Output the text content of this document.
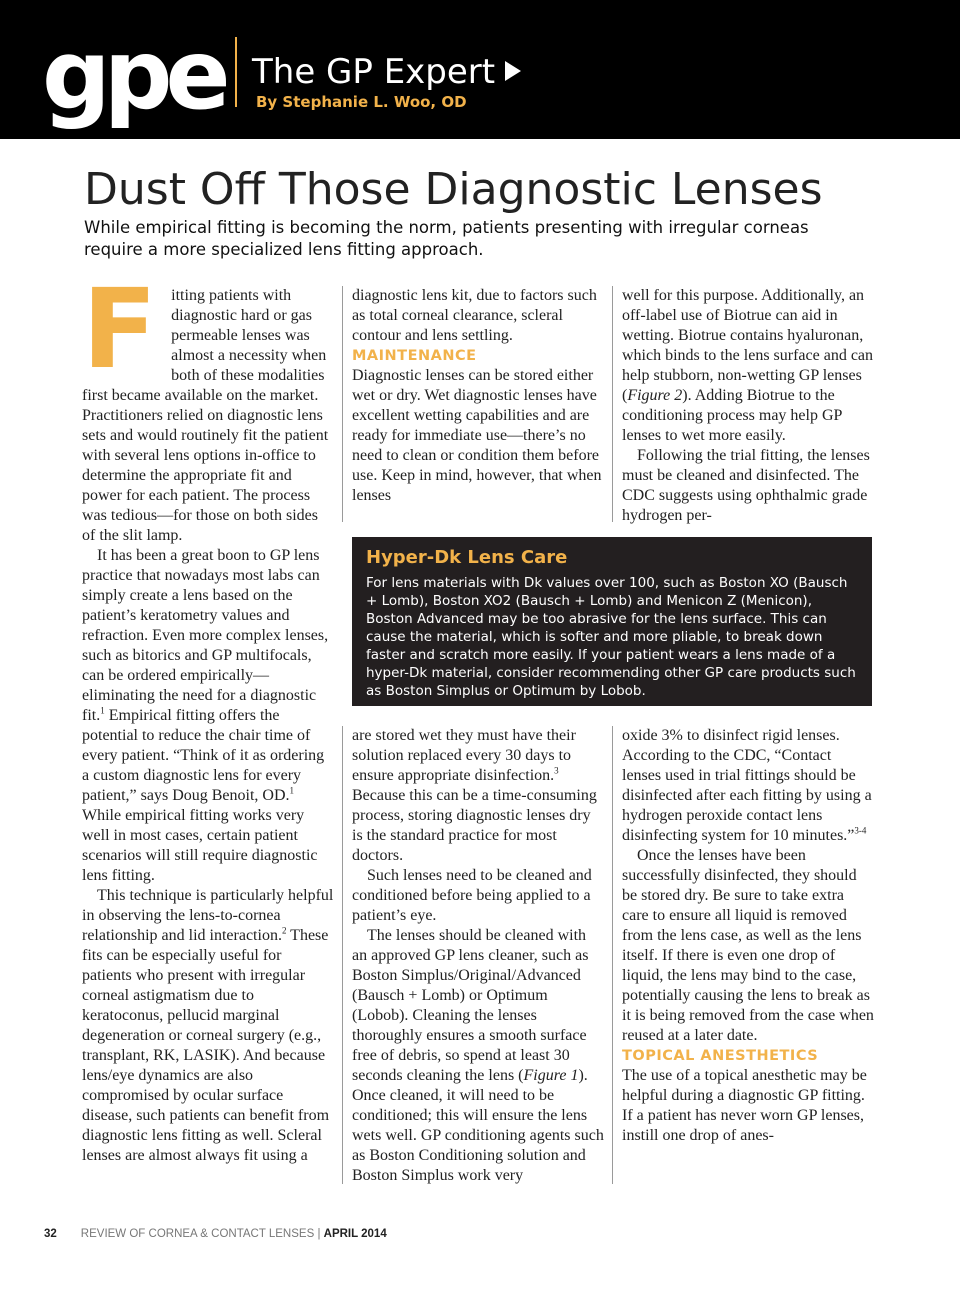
gpe The GP Expert
By Stephanie L. Woo, OD
Dust Off Those Diagnostic Lenses
While empirical fitting is becoming the norm, patients presenting with irregular corneas require a more specialized lens fitting approach.
F itting patients with diagnostic hard or gas permeable lenses was almost a necessity when both of these modalities first became available on the market. Practitioners relied on diagnostic lens sets and would routinely fit the patient with several lens options in-office to determine the appropriate fit and power for each patient. The process was tedious—for those on both sides of the slit lamp.

It has been a great boon to GP lens practice that nowadays most labs can simply create a lens based on the patient’s keratometry values and refraction. Even more complex lenses, such as bitorics and GP multifocals, can be ordered empirically—eliminating the need for a diagnostic fit.$^1$ Empirical fitting offers the potential to reduce the chair time of every patient. “Think of it as ordering a custom diagnostic lens for every patient,” says Doug Benoit, OD.$^1$ While empirical fitting works very well in most cases, certain patient scenarios will still require diagnostic lens fitting.

This technique is particularly helpful in observing the lens-to-cornea relationship and lid interaction.$^2$ These fits can be especially useful for patients who present with irregular corneal astigmatism due to keratoconus, pellucid marginal degeneration or corneal surgery (e.g., transplant, RK, LASIK). And because lens/eye dynamics are also compromised by ocular surface disease, such patients can benefit from diagnostic lens fitting as well. Scleral lenses are almost always fit using a

diagnostic lens kit, due to factors such as total corneal clearance, scleral contour and lens settling.

MAINTENANCE

Diagnostic lenses can be stored either wet or dry. Wet diagnostic lenses have excellent wetting capabilities and are ready for immediate use—there’s no need to clean or condition them before use. Keep in mind, however, that when lenses

well for this purpose. Additionally, an off-label use of Biotrue can aid in wetting. Biotrue contains hyaluronan, which binds to the lens surface and can help stubborn, non-wetting GP lenses (Figure 2). Adding Biotrue to the conditioning process may help GP lenses to wet more easily.

Following the trial fitting, the lenses must be cleaned and disinfected. The CDC suggests using ophthalmic grade hydrogen per-

Hyper-Dk Lens Care
For lens materials with Dk values over 100, such as Boston XO (Bausch + Lomb), Boston XO2 (Bausch + Lomb) and Menicon Z (Menicon), Boston Advanced may be too abrasive for the lens surface. This can cause the material, which is softer and more pliable, to break down faster and scratch more easily. If your patient wears a lens made of a hyper-Dk material, consider recommending other GP care products such as Boston Simplus or Optimum by Lobob.

are stored wet they must have their solution replaced every 30 days to ensure appropriate disinfection.$^3$ Because this can be a time-consuming process, storing diagnostic lenses dry is the standard practice for most doctors.

Such lenses need to be cleaned and conditioned before being applied to a patient’s eye.

The lenses should be cleaned with an approved GP lens cleaner, such as Boston Simplus/Original/Advanced (Bausch + Lomb) or Optimum (Lobob). Cleaning the lenses thoroughly ensures a smooth surface free of debris, so spend at least 30 seconds cleaning the lens (Figure 1). Once cleaned, it will need to be conditioned; this will ensure the lens wets well. GP conditioning agents such as Boston Conditioning solution and Boston Simplus work very

oxide 3% to disinfect rigid lenses. According to the CDC, “Contact lenses used in trial fittings should be disinfected after each fitting by using a hydrogen peroxide contact lens disinfecting system for 10 minutes.”$^{3-4}$

Once the lenses have been successfully disinfected, they should be stored dry. Be sure to take extra care to ensure all liquid is removed from the lens case, as well as the lens itself. If there is even one drop of liquid, the lens may bind to the case, potentially causing the lens to break as it is being removed from the case when reused at a later date.

TOPICAL ANESTHETICS

The use of a topical anesthetic may be helpful during a diagnostic GP fitting. If a patient has never worn GP lenses, instill one drop of anes-

32 REVIEW OF CORNEA & CONTACT LENSES | APRIL 2014
